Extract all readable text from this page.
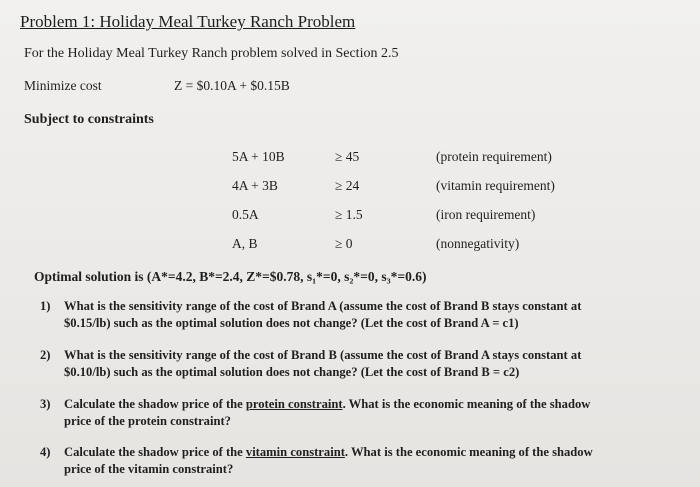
Problem 1: Holiday Meal Turkey Ranch Problem
For the Holiday Meal Turkey Ranch problem solved in Section 2.5
Minimize cost	Z = $0.10A + $0.15B
Subject to constraints
5A + 10B	≥ 45	(protein requirement)
4A + 3B	≥ 24	(vitamin requirement)
0.5A	≥ 1.5	(iron requirement)
A, B	≥ 0	(nonnegativity)
Optimal solution is (A*=4.2, B*=2.4, Z*=$0.78, s₁*=0, s₂*=0, s₃*=0.6)
1) What is the sensitivity range of the cost of Brand A (assume the cost of Brand B stays constant at
$0.15/lb) such as the optimal solution does not change? (Let the cost of Brand A = c1)
2) What is the sensitivity range of the cost of Brand B (assume the cost of Brand A stays constant at
$0.10/lb) such as the optimal solution does not change? (Let the cost of Brand B = c2)
3) Calculate the shadow price of the protein constraint. What is the economic meaning of the shadow
price of the protein constraint?
4) Calculate the shadow price of the vitamin constraint. What is the economic meaning of the shadow
price of the vitamin constraint?
